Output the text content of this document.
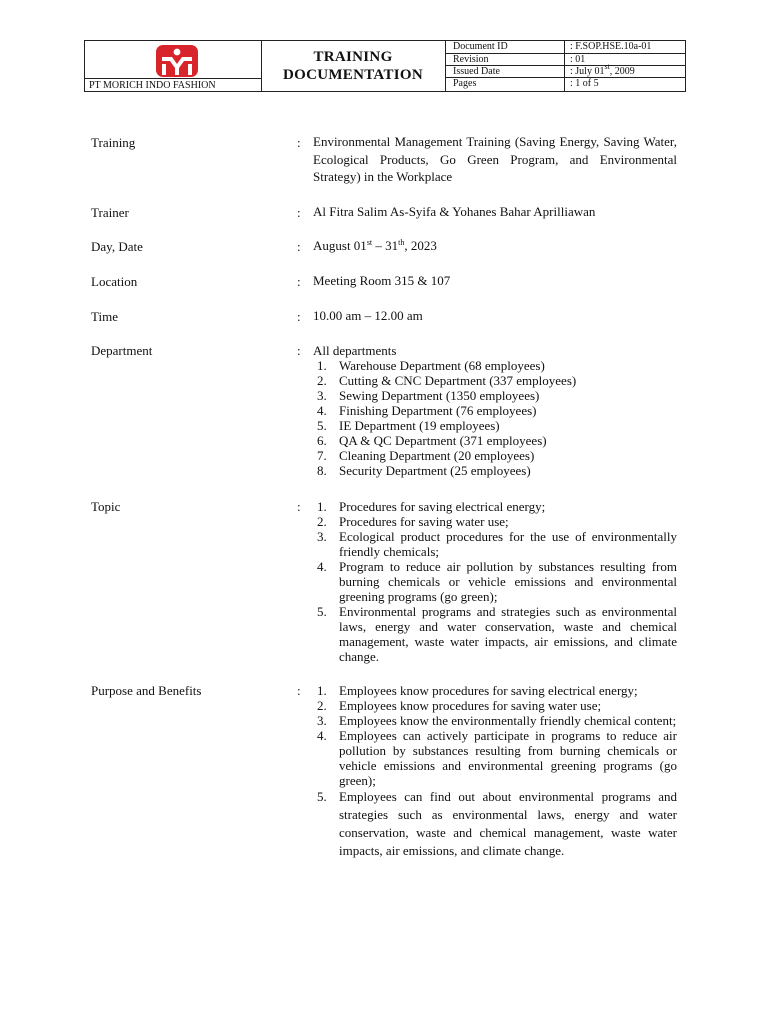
PT MORICH INDO FASHION
TRAINING
DOCUMENTATION
Document ID	: F.SOP.HSE.10a-01
Revision	: 01
Issued Date	: July 01st, 2009
Pages	: 1 of 5
Training	: Environmental Management Training (Saving Energy, Saving Water, Ecological Products, Go Green Program, and Environmental Strategy) in the Workplace
Trainer	: Al Fitra Salim As-Syifa & Yohanes Bahar Aprilliawan
Day, Date	: August 01st – 31th, 2023
Location	: Meeting Room 315 & 107
Time	: 10.00 am – 12.00 am
Department	: All departments
1. Warehouse Department (68 employees)
2. Cutting & CNC Department (337 employees)
3. Sewing Department (1350 employees)
4. Finishing Department (76 employees)
5. IE Department (19 employees)
6. QA & QC Department (371 employees)
7. Cleaning Department (20 employees)
8. Security Department (25 employees)
Topic	: 1. Procedures for saving electrical energy;
2. Procedures for saving water use;
3. Ecological product procedures for the use of environmentally friendly chemicals;
4. Program to reduce air pollution by substances resulting from burning chemicals or vehicle emissions and environmental greening programs (go green);
5. Environmental programs and strategies such as environmental laws, energy and water conservation, waste and chemical management, waste water impacts, air emissions, and climate change.
Purpose and Benefits	: 1. Employees know procedures for saving electrical energy;
2. Employees know procedures for saving water use;
3. Employees know the environmentally friendly chemical content;
4. Employees can actively participate in programs to reduce air pollution by substances resulting from burning chemicals or vehicle emissions and environmental greening programs (go green);
5. Employees can find out about environmental programs and strategies such as environmental laws, energy and water conservation, waste and chemical management, waste water impacts, air emissions, and climate change.
